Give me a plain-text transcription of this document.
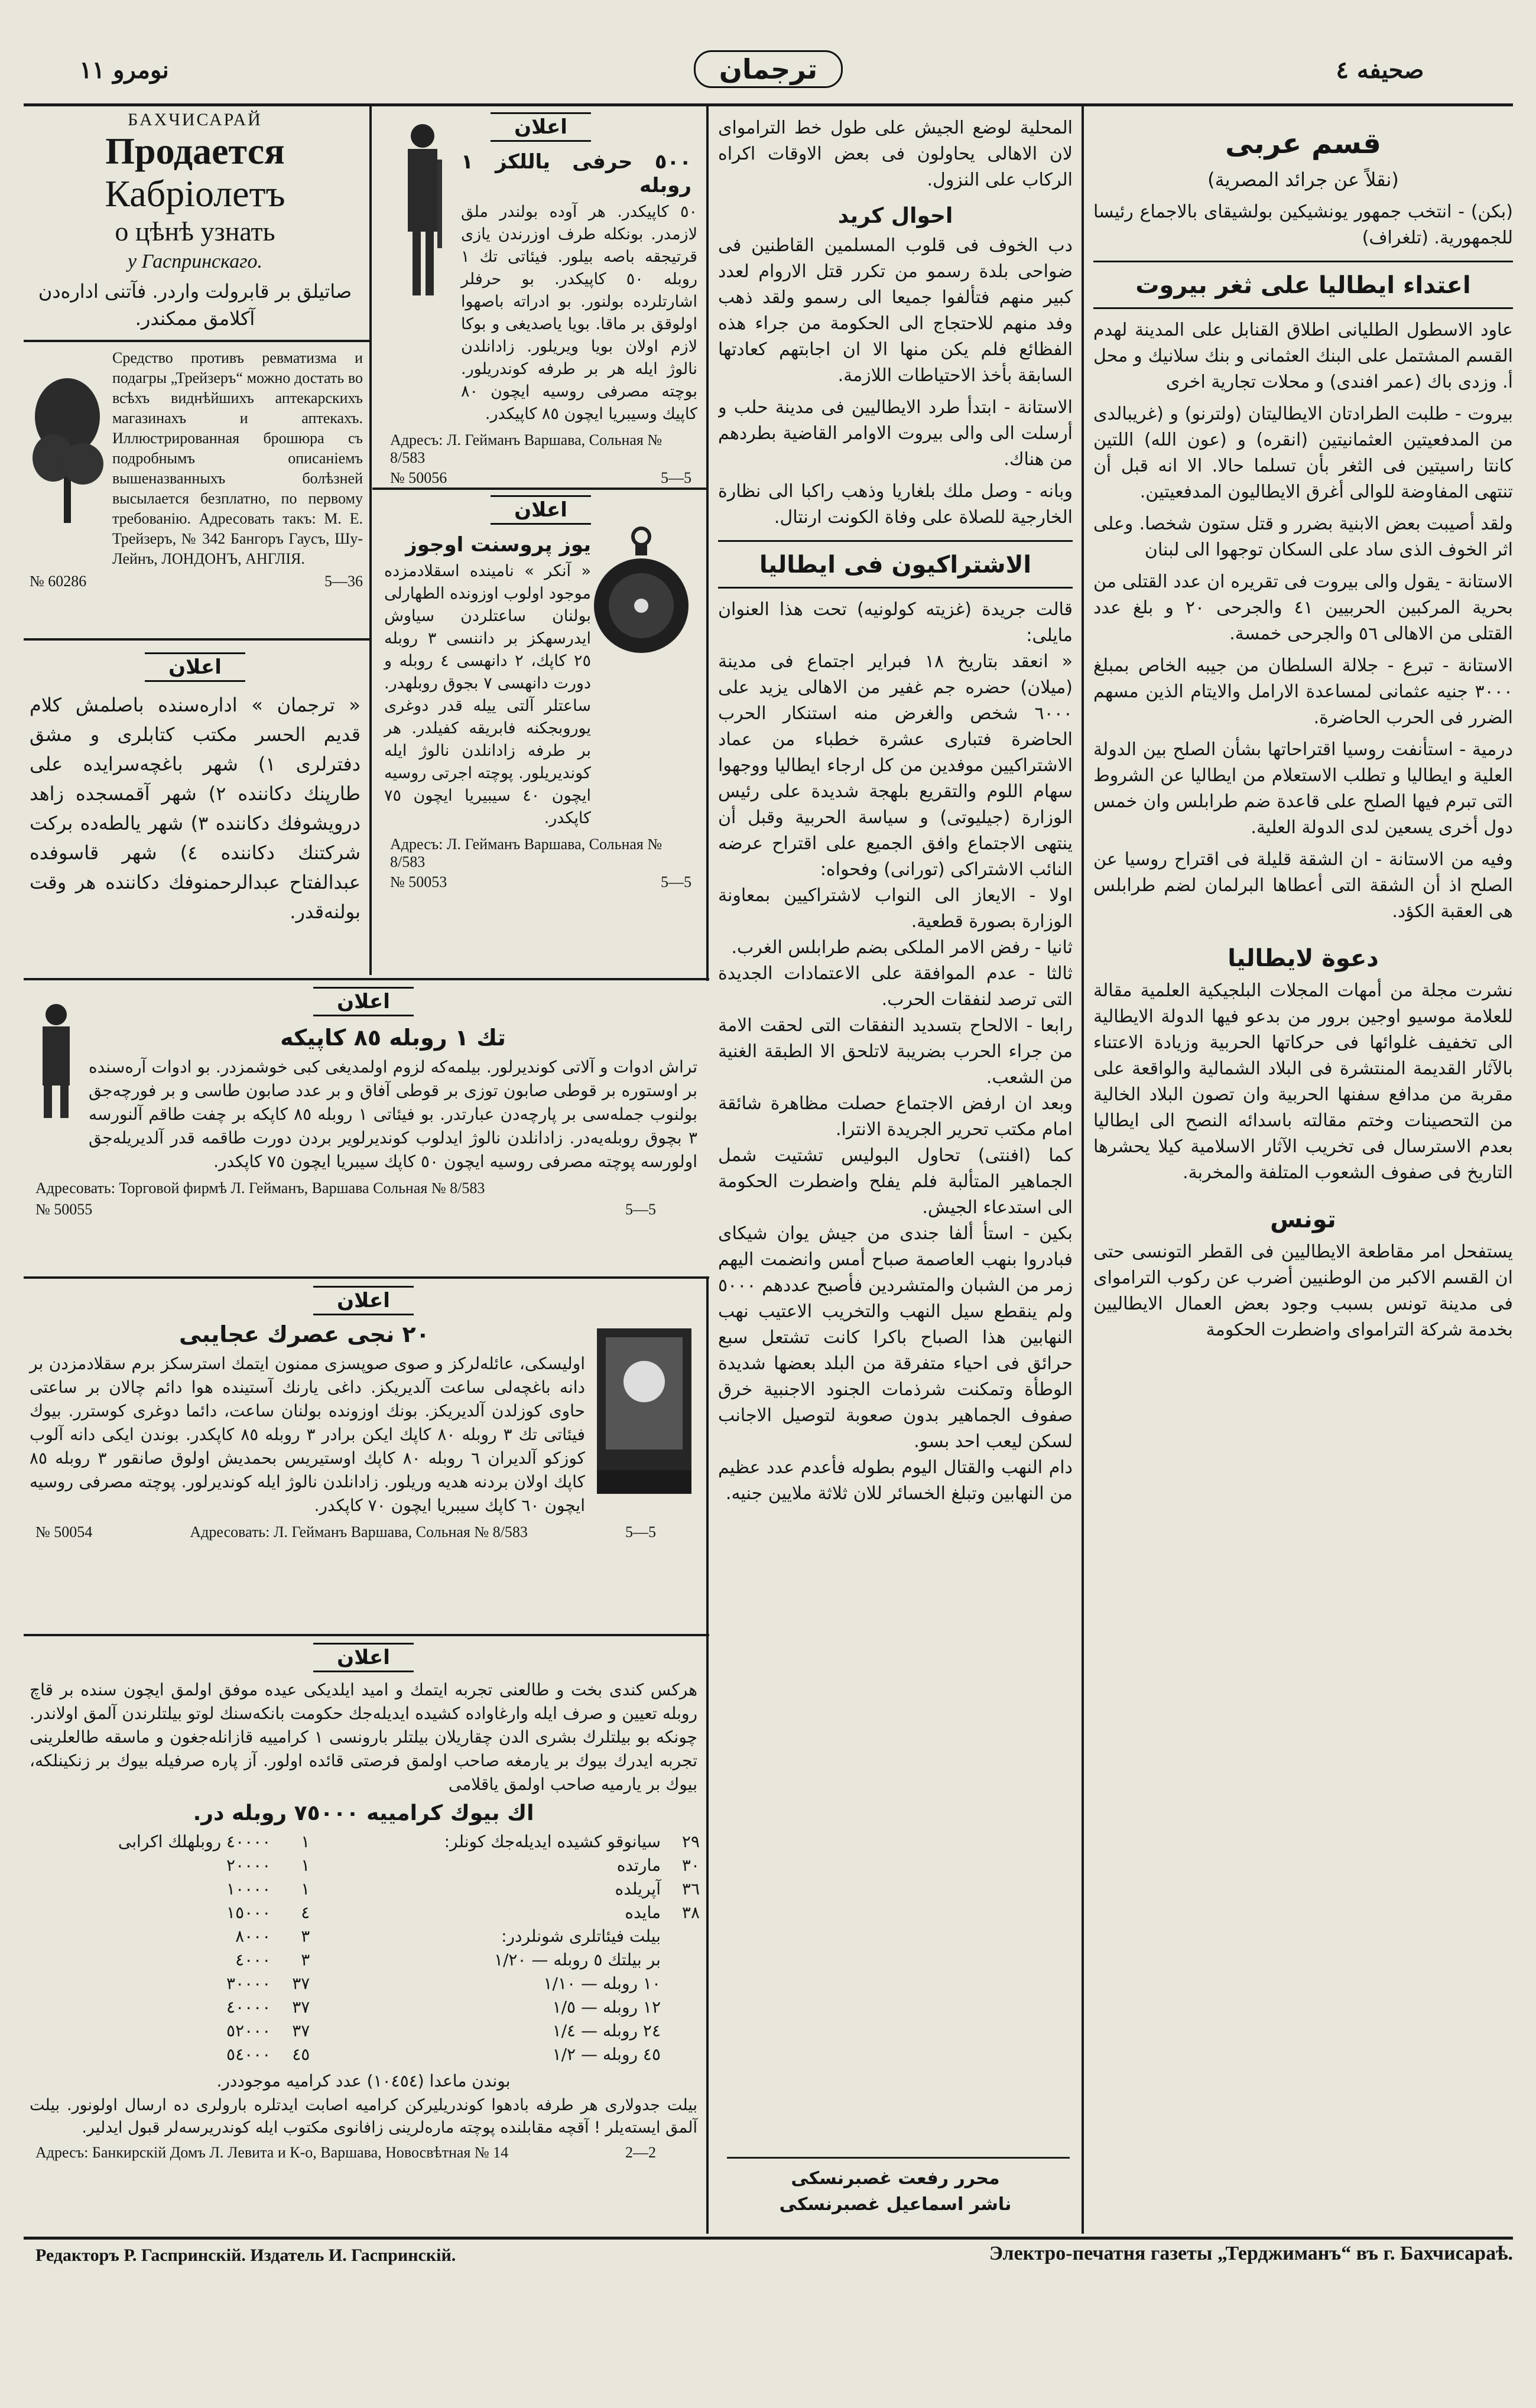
صحيفه ٤
ترجمان
نومرو ١١
قسم عربى
(نقلاً عن جرائد المصرية)
(بكن) - انتخب جمهور يونشيكين بولشيقاى بالاجماع رئيسا للجمهورية. (تلغراف)
اعتداء ايطاليا على ثغر بيروت
عاود الاسطول الطليانى اطلاق القنابل على المدينة لهدم القسم المشتمل على البنك العثمانى و بنك سلانيك و محل أ. وزدى باك (عمر افندى) و محلات تجارية اخرى
بيروت - طلبت الطرادتان الايطاليتان (ولترنو) و (غريبالدى من المدفعيتين العثمانيتين (انقره) و (عون الله) اللتين كانتا راسيتين فى الثغر بأن تسلما حالا. الا انه قبل أن تنتهى المفاوضة للوالى أغرق الايطاليون المدفعيتين.
ولقد أصيبت بعض الابنية بضرر و قتل ستون شخصا. وعلى اثر الخوف الذى ساد على السكان توجهوا الى لبنان
الاستانة - يقول والى بيروت فى تقريره ان عدد القتلى من بحرية المركبين الحربيين ٤١ والجرحى ٢٠ و بلغ عدد القتلى من الاهالى ٥٦ والجرحى خمسة.
الاستانة - تبرع - جلالة السلطان من جيبه الخاص بمبلغ ٣٠٠٠ جنيه عثمانى لمساعدة الارامل والايتام الذين مسهم الضرر فى الحرب الحاضرة.
درمية - استأنفت روسيا اقتراحاتها بشأن الصلح بين الدولة العلية و ايطاليا و تطلب الاستعلام من ايطاليا عن الشروط التى تبرم فيها الصلح على قاعدة ضم طرابلس وان خمس دول أخرى يسعين لدى الدولة العلية.
وفيه من الاستانة - ان الشقة قليلة فى اقتراح روسيا عن الصلح اذ أن الشقة التى أعطاها البرلمان لضم طرابلس هى العقبة الكؤد.
دعوة لايطاليا
نشرت مجلة من أمهات المجلات البلجيكية العلمية مقالة للعلامة موسيو اوجين برور من بدعو فيها الدولة الايطالية الى تخفيف غلوائها فى حركاتها الحربية وزيادة الاعتناء بالآثار القديمة المنتشرة فى البلاد الشمالية والواقعة على مقربة من مدافع سفنها الحربية وان تصون البلاد الخالية من التحصينات وختم مقالته باسدائه النصح الى ايطاليا بعدم الاسترسال فى تخريب الآثار الاسلامية كيلا يحشرها التاريخ فى صفوف الشعوب المتلفة والمخربة.
تونس
يستفحل امر مقاطعة الايطاليين فى القطر التونسى حتى ان القسم الاكبر من الوطنيين أضرب عن ركوب الترامواى فى مدينة تونس بسبب وجود بعض العمال الايطاليين بخدمة شركة الترامواى واضطرت الحكومة
المحلية لوضع الجيش على طول خط الترامواى لان الاهالى يحاولون فى بعض الاوقات اكراه الركاب على النزول.
احوال كريد
دب الخوف فى قلوب المسلمين القاطنين فى ضواحى بلدة رسمو من تكرر قتل الاروام لعدد كبير منهم فتألفوا جميعا الى رسمو ولقد ذهب وفد منهم للاحتجاج الى الحكومة من جراء هذه الفظائع فلم يكن منها الا ان اجابتهم كعادتها السابقة بأخذ الاحتياطات اللازمة.
الاستانة - ابتدأ طرد الايطاليين فى مدينة حلب و أرسلت الى والى بيروت الاوامر القاضية بطردهم من هناك.
وبانه - وصل ملك بلغاريا وذهب راكبا الى نظارة الخارجية للصلاة على وفاة الكونت ارنتال.
الاشتراكيون فى ايطاليا
قالت جريدة (غزيته كولونيه) تحت هذا العنوان مايلى:
« انعقد بتاريخ ١٨ فبراير اجتماع فى مدينة (ميلان) حضره جم غفير من الاهالى يزيد على ٦٠٠٠ شخص والغرض منه استنكار الحرب الحاضرة فتبارى عشرة خطباء من عماد الاشتراكيين موفدين من كل ارجاء ايطاليا ووجهوا سهام اللوم والتقريع بلهجة شديدة على رئيس الوزارة (جيليوتى) و سياسة الحربية وقبل أن ينتهى الاجتماع وافق الجميع على اقتراح عرضه النائب الاشتراكى (تورانى) وفحواه:
اولا - الايعاز الى النواب لاشتراكيين بمعاونة الوزارة بصورة قطعية.
ثانيا - رفض الامر الملكى بضم طرابلس الغرب.
ثالثا - عدم الموافقة على الاعتمادات الجديدة التى ترصد لنفقات الحرب.
رابعا - الالحاح بتسديد النفقات التى لحقت الامة من جراء الحرب بضريبة لاتلحق الا الطبقة الغنية من الشعب.
وبعد ان ارفض الاجتماع حصلت مظاهرة شائقة امام مكتب تحرير الجريدة الانترا.
كما (افنتى) تحاول البوليس تشتيت شمل الجماهير المتألبة فلم يفلح واضطرت الحكومة الى استدعاء الجيش.
بكين - استأ ألفا جندى من جيش يوان شيكاى فبادروا بنهب العاصمة صباح أمس وانضمت اليهم زمر من الشبان والمتشردين فأصبح عددهم ٥٠٠٠ ولم ينقطع سيل النهب والتخريب الاعتيب نهب النهابين هذا الصباح باكرا كانت تشتعل سبع حرائق فى احياء متفرقة من البلد بعضها شديدة الوطأة وتمكنت شرذمات الجنود الاجنبية خرق صفوف الجماهير بدون صعوبة لتوصيل الاجانب لسكن ليعب احد بسو.
دام النهب والقتال اليوم بطوله فأعدم عدد عظيم من النهابين وتبلغ الخسائر للان ثلاثة ملايين جنيه.
محرر رفعت غصبرنسكى
ناشر اسماعيل غصبرنسكى
اعلان
٥٠٠ حرفى ياللكز ١ روبله
٥٠ كاپيكدر. هر آوده بولندر ملق لازمدر. بونكله طرف اوزرندن يازى قرتيجقه باصه بيلور. فيئاتى تك ١ روبله ٥٠ كاپيكدر. بو حرفلر اشارتلرده بولنور. بو ادراته باصهوا اولوقق بر ماقا. بويا ياصديغى و بوكا لازم اولان بويا ويريلور. زادانلدن نالوژ ايله هر بر طرفه كوندريلور. بوچته مصرفى روسيه ايچون ٨٠ كاپيك وسيبريا ايچون ٨٥ كاپيكدر.
Адресъ: Л. Гейманъ Варшава, Сольная № 8/583
№ 50056	5—5
اعلان
يوز پروسنت اوجوز
« آنكر » ناميندە اسقلادمزده موجود اولوب اوزونده الطهارلى بولنان ساعتلردن سياوش ايدرسهكز بر داننسى ٣ روبله ٢٥ كاپك، ٢ دانهسى ٤ روبله و دورت دانهسى ٧ بجوق روبلهدر. ساعتلر آلتى ييله قدر دوغرى يوروبجكنه فابريقه كفيلدر. هر بر طرفه زادانلدن نالوژ ايله كونديريلور. پوچته اجرتى روسيه ايچون ٤٠ سيبيريا ايچون ٧٥ كاپكدر.
Адресъ: Л. Гейманъ Варшава, Сольная № 8/583
№ 50053	5—5
БАХЧИСАРАЙ
Продается
Кабріолетъ
о цѣнѣ узнать
у Гаспринскаго.
صاتيلق بر قابرولت واردر. فآتنى ادارەدن آكلامق ممكندر.
Средство противъ ревматизма и подагры „Трейзеръ“ можно достать во всѣхъ виднѣйшихъ аптекарскихъ магазинахъ и аптекахъ. Иллюстрированная брошюра съ подробнымъ описаніемъ вышеназванныхъ болѣзней высылается безплатно, по первому требованію. Адресовать такъ: М. Е. Трейзеръ, № 342 Бангоръ Гаусъ, Шу-Лейнъ, ЛОНДОНЪ, АНГЛІЯ.
№ 60286	5—36
اعلان
« ترجمان » ادارەسندە باصلمش كلام قديم الحسر مكتب كتابلرى و مشق دفترلرى ١) شهر باغچەسرايدە على طارپنك دكانندە ٢) شهر آقمسجدە زاهد درويشوفك دكانندە ٣) شهر يالطەدە بركت شركتنك دكانندە ٤) شهر قاسوفدە عبدالفتاح عبدالرحمنوفك دكانندە هر وقت بولنەقدر.
اعلان
تك ١ روبله ٨٥ كاپيكه
تراش ادوات و آلاتى كونديرلور. بيلمەكه لزوم اولمديغى كبى خوشمزدر. بو ادوات آرەسندە بر اوستوره بر قوطى صابون توزى بر قوطى آفاق و بر عدد صابون طاسى و بر فورچەجق بولنوب جملەسى بر پارچەدن عبارتدر. بو فيئاتى ١ روبله ٨٥ كاپكه بر چفت طاقم آلنورسە ٣ بچوق روبلەيەدر. زادانلدن نالوژ ايدلوب كونديرلوير بردن دورت طاقمه قدر آلديريلەجق اولورسە پوچته مصرفى روسيه ايچون ٥٠ كاپك سيبريا ايچون ٧٥ كاپكدر.
Адресовать: Торговой фирмѣ Л. Гейманъ, Варшава Сольная № 8/583
№ 50055	5—5
اعلان
٢٠ نجى عصرك عجايبى
اوليسكى، عائلەلركز و صوى صوپسزى ممنون ايتمك استرسكز برم سقلادمزدن بر دانه باغچەلى ساعت آلديريكز. داغى يارنك آستينده هوا دائم چالان بر ساعتى حاوى كوزلدن آلديريكز. بونك اوزونده بولنان ساعت، دائما دوغرى كوسترر. بيوك فيئاتى تك ٣ روبله ٨٠ كاپك ايكن برادر ٣ روبله ٨٥ كاپكدر. بوندن ايكى دانه آلوب كوزكو آلديران ٦ روبله ٨٠ كاپك اوستيريس بحمديش اولوق صانقور ٣ روبله ٨٥ كاپك اولان بردنه هديه وريلور. زادانلدن نالوژ ايله كونديرلور. پوچته مصرفى روسيه ايچون ٦٠ كاپك سيبريا ايچون ٧٠ كاپكدر.
№ 50054	Адресовать: Л. Гейманъ Варшава, Сольная № 8/583	5—5
اعلان
هركس كندى بخت و طالعنى تجربه ايتمك و اميد ايلديكى عيدە موفق اولمق ايچون سندە بر قاچ روبلە تعيين و صرف ايلە وارغاوادە كشيدە ايديلەجك حكومت بانكەسنك لوتو بيلتلرندن آلمق اولاندر. چونكه بو بيلتلرك بشرى الدن چقاريلان بيلتلر بارونسى ١ كرامييه قازانلەجغون و ماسقه طالعلرينى تجربه ايدرك بيوك بر يارمغه صاحب اولمق فرصتى قائدە اولور. آز پارە صرفيلە بيوك بر زنكينلكه، بيوك بر يارميه صاحب اولمق ياقلامى
اك بيوك كرامييه ٧٥٠٠٠ روبله در.
٢٩	سيانوقو كشيدە ايديلەجك كونلر:	١	٤٠٠٠٠ روبلهلك اكرابى
٣٠	مارتدە	١	٢٠٠٠٠
٣٦	آپريلدە	١	١٠٠٠٠
٣٨	مايدە	٤	١٥٠٠٠
	بيلت فيئاتلرى شونلردر:	٣	٨٠٠٠
	بر بيلتك ٥ روبله — ١/٢٠	٣	٤٠٠٠
	١٠ روبله — ١/١٠	٣٧	٣٠٠٠٠
	١٢ روبله — ١/٥	٣٧	٤٠٠٠٠
	٢٤ روبله — ١/٤	٣٧	٥٢٠٠٠
	٤٥ روبله — ١/٢	٤٥	٥٤٠٠٠
بوندن ماعدا (١٠٤٥٤) عدد كراميه موجوددر.
بيلت جدولارى هر طرفه بادهوا كوندريليركن كراميه اصابت ايدتلره بارولرى ده ارسال اولونور. بيلت آلمق ايستەيلر ! آقچه مقابلنده پوچته مارەلرينى زافانوى مكتوب ايله كوندريرسەلر قبول ايدلير.
Адресъ: Банкирскій Домъ Л. Левита и К-о, Варшава, Новосвѣтная № 14	2—2
Редакторъ Р. Гаспринскій. Издатель И. Гаспринскій.	Электро-печатня газеты „Терджиманъ“ въ г. Бахчисараѣ.
